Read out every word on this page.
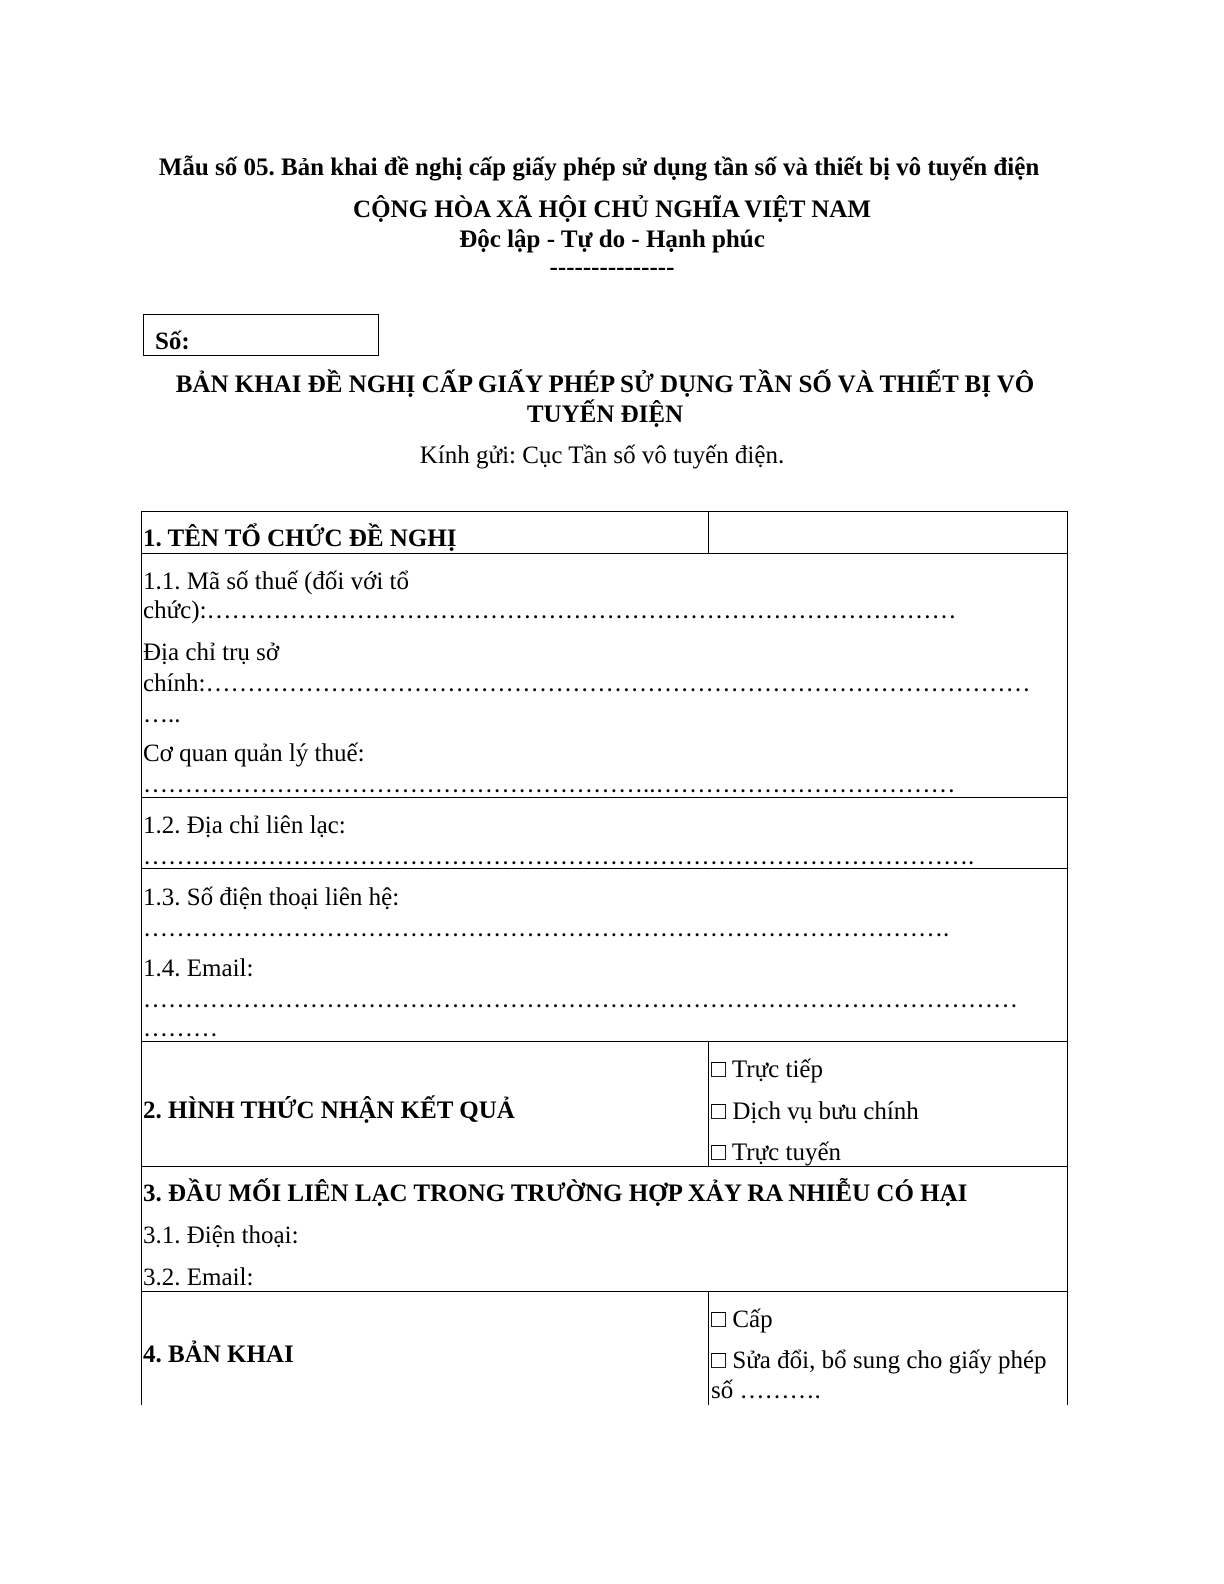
Mẫu số 05. Bản khai đề nghị cấp giấy phép sử dụng tần số và thiết bị vô tuyến điện
CỘNG HÒA XÃ HỘI CHỦ NGHĨA VIỆT NAM
Độc lập - Tự do - Hạnh phúc
---------------
Số:
BẢN KHAI ĐỀ NGHỊ CẤP GIẤY PHÉP SỬ DỤNG TẦN SỐ VÀ THIẾT BỊ VÔ
TUYẾN ĐIỆN
Kính gửi: Cục Tần số vô tuyến điện.
1. TÊN TỔ CHỨC ĐỀ NGHỊ
1.1. Mã số thuế (đối với tổ
chức):………………………………………………………………………………
Địa chỉ trụ sở
chính:………………………………………………………………………………………
…..
Cơ quan quản lý thuế:
……………………………………………………..………………………………
1.2. Địa chỉ liên lạc:
……………………………………………………………………………………….
1.3. Số điện thoại liên hệ:
…………………………………………………………………………………….
1.4. Email:
……………………………………………………………………………………………
………
2. HÌNH THỨC NHẬN KẾT QUẢ
□ Trực tiếp
□ Dịch vụ bưu chính
□ Trực tuyến
3. ĐẦU MỐI LIÊN LẠC TRONG TRƯỜNG HỢP XẢY RA NHIỄU CÓ HẠI
3.1. Điện thoại:
3.2. Email:
4. BẢN KHAI
□ Cấp
□ Sửa đổi, bổ sung cho giấy phép
số ……….
